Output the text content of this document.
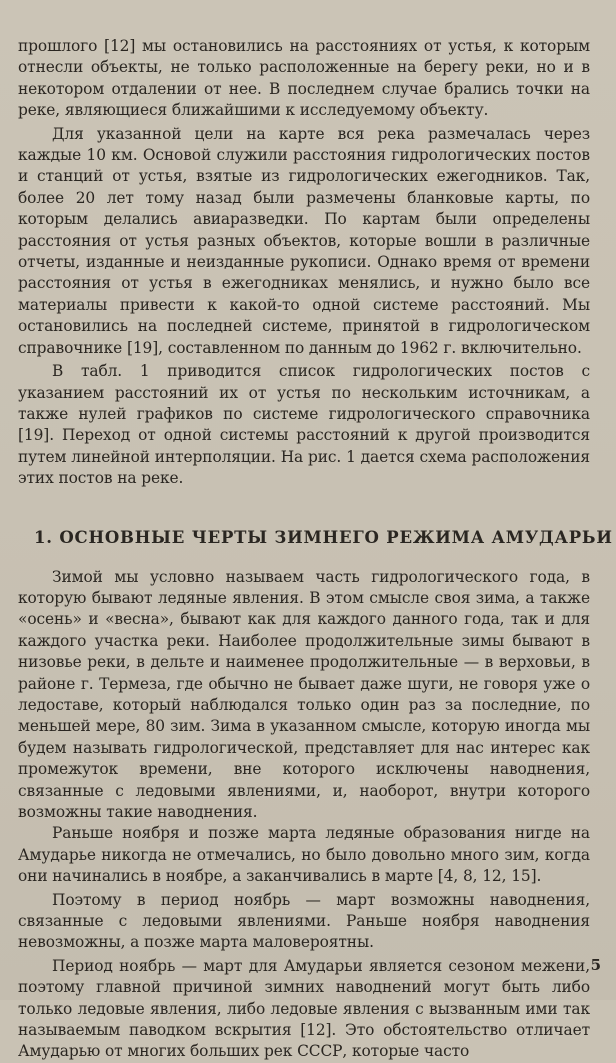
прошлого [12] мы остановились на расстояниях от устья, к которым отнесли объекты, не только расположенные на берегу реки, но и в некотором отдалении от нее. В последнем случае брались точки на реке, являющиеся ближайшими к исследуемому объекту.

Для указанной цели на карте вся река размечалась через каждые 10 км. Основой служили расстояния гидрологических постов и станций от устья, взятые из гидрологических ежегодников. Так, более 20 лет тому назад были размечены бланковые карты, по которым делались авиаразведки. По картам были определены расстояния от устья разных объектов, которые вошли в различные отчеты, изданные и неизданные рукописи. Однако время от времени расстояния от устья в ежегодниках менялись, и нужно было все материалы привести к какой-то одной системе расстояний. Мы остановились на последней системе, принятой в гидрологическом справочнике [19], составленном по данным до 1962 г. включительно.

В табл. 1 приводится список гидрологических постов с указанием расстояний их от устья по нескольким источникам, а также нулей графиков по системе гидрологического справочника [19]. Переход от одной системы расстояний к другой производится путем линейной интерполяции. На рис. 1 дается схема расположения этих постов на реке.

1. ОСНОВНЫЕ ЧЕРТЫ ЗИМНЕГО РЕЖИМА АМУДАРЬИ

Зимой мы условно называем часть гидрологического года, в которую бывают ледяные явления. В этом смысле своя зима, а также «осень» и «весна», бывают как для каждого данного года, так и для каждого участка реки. Наиболее продолжительные зимы бывают в низовье реки, в дельте и наименее продолжительные — в верховьи, в районе г. Термеза, где обычно не бывает даже шуги, не говоря уже о ледоставе, который наблюдался только один раз за последние, по меньшей мере, 80 зим. Зима в указанном смысле, которую иногда мы будем называть гидрологической, представляет для нас интерес как промежуток времени, вне которого исключены наводнения, связанные с ледовыми явлениями, и, наоборот, внутри которого возможны такие наводнения.

Раньше ноября и позже марта ледяные образования нигде на Амударье никогда не отмечались, но было довольно много зим, когда они начинались в ноябре, а заканчивались в марте [4, 8, 12, 15].

Поэтому в период ноябрь — март возможны наводнения, связанные с ледовыми явлениями. Раньше ноября наводнения невозможны, а позже марта маловероятны.

Период ноябрь — март для Амударьи является сезоном межени, поэтому главной причиной зимних наводнений могут быть либо только ледовые явления, либо ледовые явления с вызванным ими так называемым паводком вскрытия [12]. Это обстоятельство отличает Амударью от многих больших рек СССР, которые часто

5
